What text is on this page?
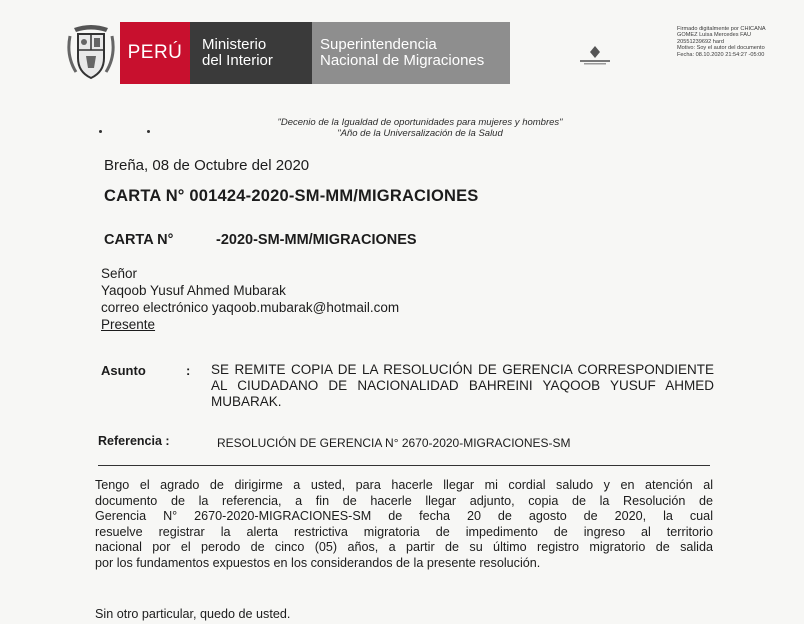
PERÚ	Ministerio
del Interior
Superintendencia
Nacional de Migraciones
Firmado digitalmente por CHICANA
GOMEZ Luisa Mercedes FAU
20551239692 hard
Motivo: Soy el autor del documento
Fecha: 08.10.2020 21:54:27 -05:00
"Decenio de la Igualdad de oportunidades para mujeres y hombres"
"Año de la Universalización de la Salud
Breña, 08 de Octubre del 2020
CARTA N° 001424-2020-SM-MM/MIGRACIONES
CARTA N°	-2020-SM-MM/MIGRACIONES
Señor
Yaqoob Yusuf Ahmed Mubarak
correo electrónico yaqoob.mubarak@hotmail.com
Presente
Asunto	: SE REMITE COPIA DE LA RESOLUCIÓN DE GERENCIA CORRESPONDIENTE AL CIUDADANO DE NACIONALIDAD BAHREINI YAQOOB YUSUF AHMED MUBARAK.
Referencia :	RESOLUCIÓN DE GERENCIA N° 2670-2020-MIGRACIONES-SM
Tengo el agrado de dirigirme a usted, para hacerle llegar mi cordial saludo y en atención al
documento de la referencia, a fin de hacerle llegar adjunto, copia de la Resolución de
Gerencia N° 2670-2020-MIGRACIONES-SM de fecha 20 de agosto de 2020, la cual
resuelve registrar la alerta restrictiva migratoria de impedimento de ingreso al territorio
nacional por el perodo de cinco (05) años, a partir de su último registro migratorio de salida
por los fundamentos expuestos en los considerandos de la presente resolución.
Sin otro particular, quedo de usted.
